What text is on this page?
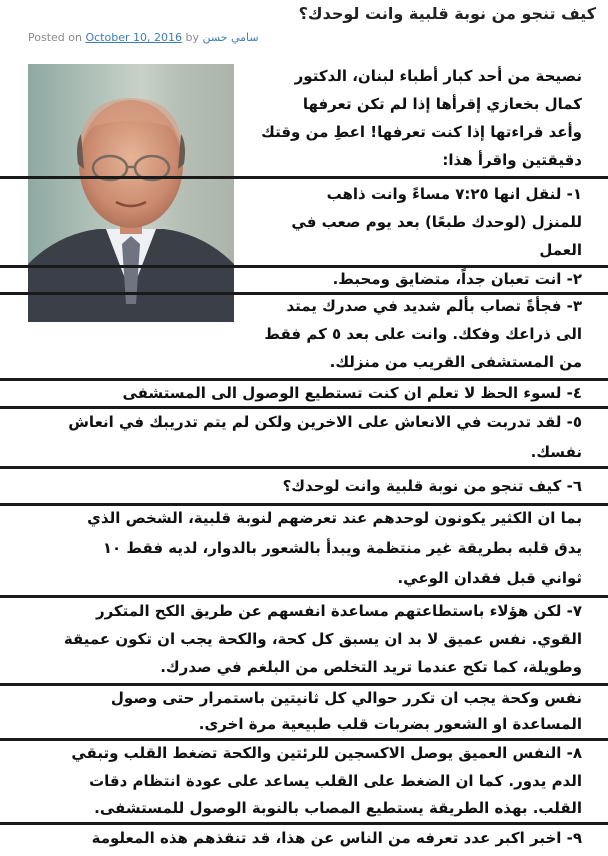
كيف تنجو من نوبة قلبية وانت لوحدك؟
Posted on October 10, 2016 by سامي حسن
نصيحة من أحد كبار أطباء لبنان، الدكتور
كمال بخعازي إقرأها إذا لم تكن تعرفها
وأعد قراءتها إذا كنت تعرفها! اعطِ من وقتك
دقيقتين واقرأ هذا:
١- لنقل انها ٧:٢٥ مساءً وانت ذاهب
للمنزل (لوحدك طبعًا) بعد يوم صعب في
العمل
٢- انت تعبان جداً، متضايق ومحبط.
٣- فجأةً تصاب بألم شديد في صدرك يمتد
الى ذراعك وفكك. وانت على بعد ٥ كم فقط
من المستشفى القريب من منزلك.
٤- لسوء الحظ لا تعلم ان كنت تستطيع الوصول الى المستشفى
٥- لقد تدربت في الانعاش على الاخرين ولكن لم يتم تدريبك في انعاش
نفسك.
٦- كيف تنجو من نوبة قلبية وانت لوحدك؟
بما ان الكثير يكونون لوحدهم عند تعرضهم لنوبة قلبية، الشخص الذي
يدق قلبه بطريقة غير منتظمة ويبدأ بالشعور بالدوار، لديه فقط ١٠
ثواني قبل فقدان الوعي.
٧- لكن هؤلاء باستطاعتهم مساعدة انفسهم عن طريق الكح المتكرر
القوي. نفس عميق لا بد ان يسبق كل كحة، والكحة يجب ان تكون عميقة
وطويلة، كما تكح عندما تريد التخلص من البلغم في صدرك.
نفس وكحة يجب ان تكرر حوالي كل ثانيتين باستمرار حتى وصول
المساعدة او الشعور بضربات قلب طبيعية مرة اخرى.
٨- النفس العميق يوصل الاكسجين للرئتين والكحة تضغط القلب وتبقي
الدم يدور. كما ان الضغط على القلب يساعد على عودة انتظام دقات
القلب. بهذه الطريقة يستطيع المصاب بالنوبة الوصول للمستشفى.
٩- اخبر اكبر عدد تعرفه من الناس عن هذا، قد تنقذهم هذه المعلومة
